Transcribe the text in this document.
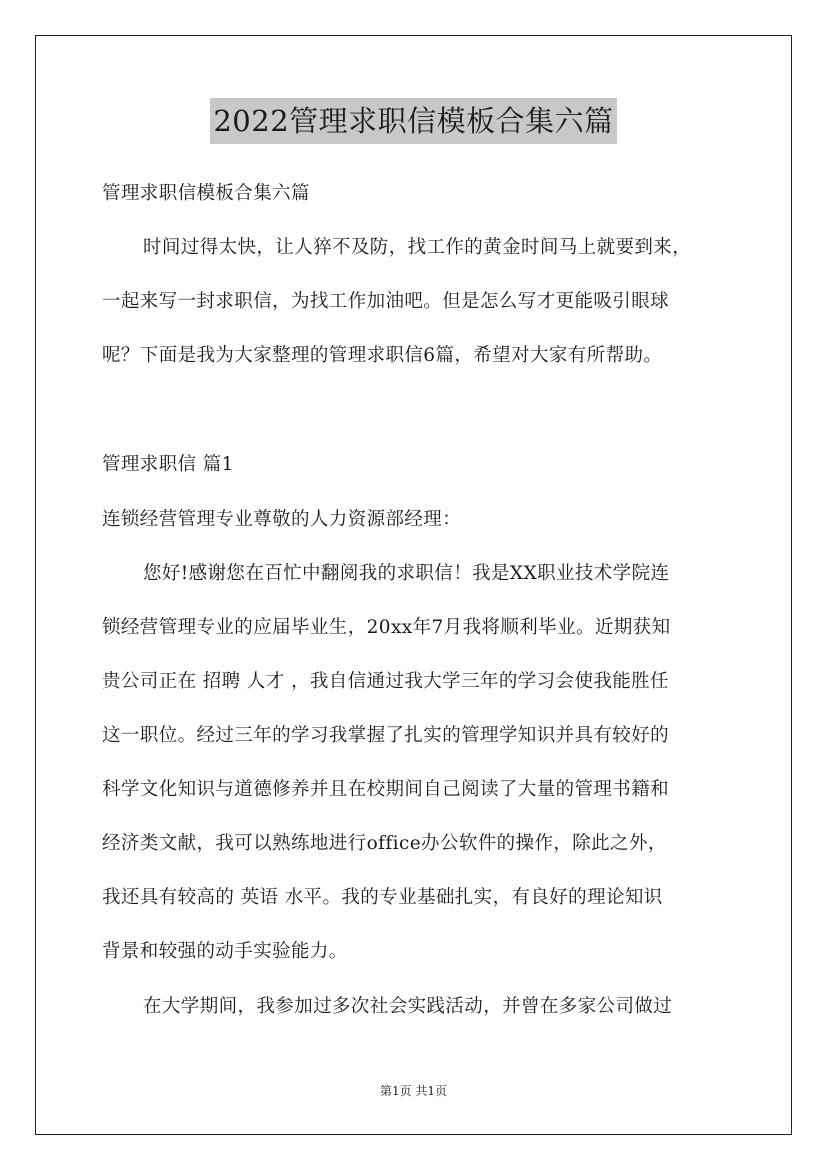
2022管理求职信模板合集六篇
管理求职信模板合集六篇
时间过得太快，让人猝不及防，找工作的黄金时间马上就要到来，
一起来写一封求职信，为找工作加油吧。但是怎么写才更能吸引眼球
呢？下面是我为大家整理的管理求职信6篇，希望对大家有所帮助。
管理求职信 篇1
连锁经营管理专业尊敬的人力资源部经理：
您好!感谢您在百忙中翻阅我的求职信！我是XX职业技术学院连
锁经营管理专业的应届毕业生，20xx年7月我将顺利毕业。近期获知
贵公司正在 招聘 人才 ，我自信通过我大学三年的学习会使我能胜任
这一职位。经过三年的学习我掌握了扎实的管理学知识并具有较好的
科学文化知识与道德修养并且在校期间自己阅读了大量的管理书籍和
经济类文献，我可以熟练地进行office办公软件的操作，除此之外，
我还具有较高的 英语 水平。我的专业基础扎实，有良好的理论知识
背景和较强的动手实验能力。
在大学期间，我参加过多次社会实践活动，并曾在多家公司做过
第1页 共1页
